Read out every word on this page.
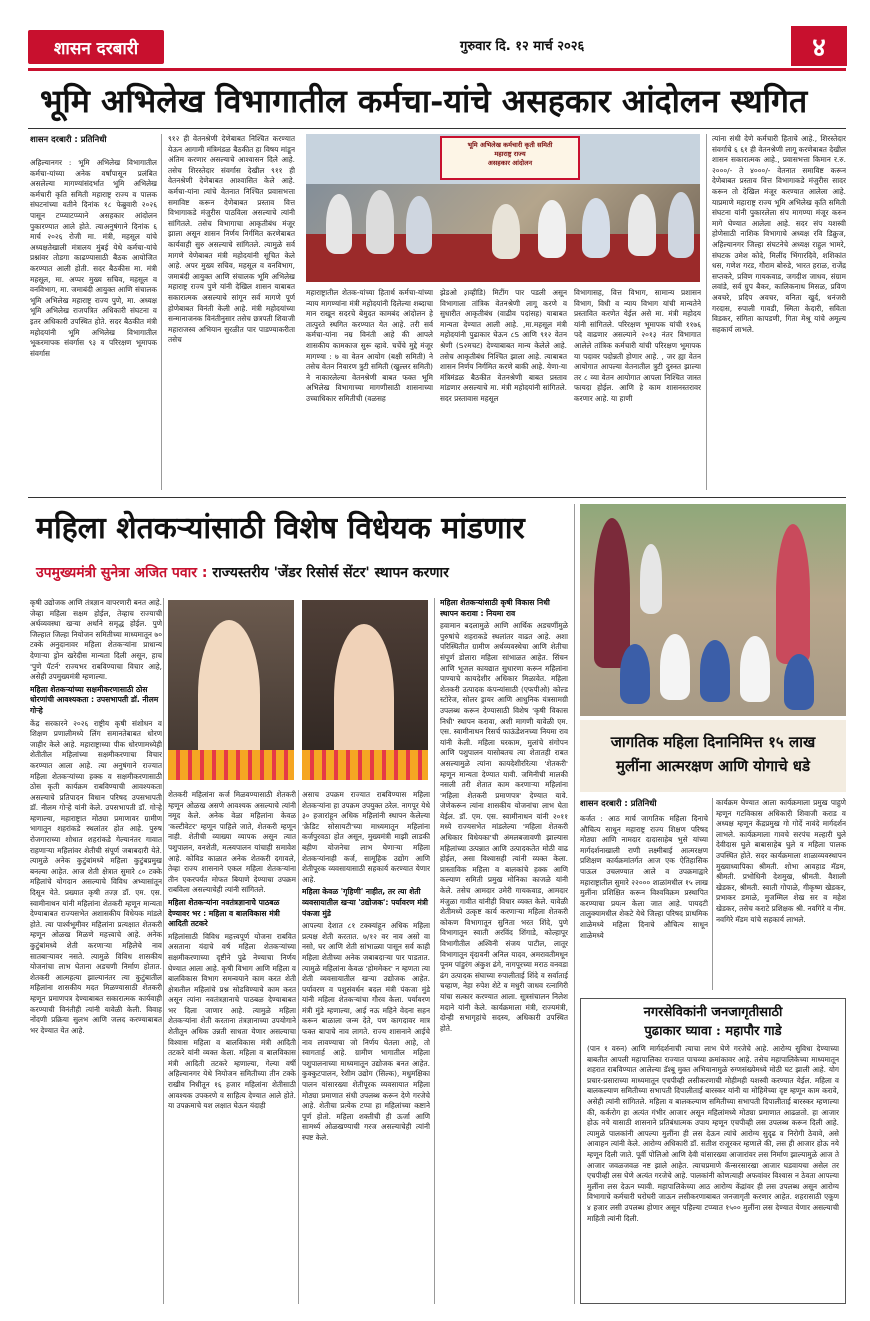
शासन दरबारी	गुरुवार दि. १२ मार्च २०२६	४
भूमि अभिलेख विभागातील कर्मचा-यांचे असहकार आंदोलन स्थगित
शासन दरबारी : प्रतिनिधी
अहिल्यानगर : भूमि अभिलेख विभागातील कर्मचा-यांच्या अनेक वर्षांपासून प्रलंबित असलेल्या मागण्यांसंदर्भात भूमि अभिलेख कर्मचारी कृति समिती महाराष्ट्र राज्य व पालक संघटनांच्या वतीने दिनांक १८ फेब्रुवारी २०२६ पासून टप्प्याटप्प्याने असहकार आंदोलन पुकारण्यात आले होते. त्याअनुषंगाने दिनांक ६ मार्च २०२६ रोजी मा. मंत्री, महसूल यांचे अध्यक्षतेखाली मंत्रालय मुंबई येथे कर्मचा-यांचे प्रश्नांवर तोडगा काढण्यासाठी बैठक आयोजित करण्यात आली होती. सदर बैठकीस मा. मंत्री महसूल, मा. अप्पर मुख्य सचिव, महसूल व वनविभाग, मा. जमाबंदी आयुक्त आणि संचालक भूमि अभिलेख महाराष्ट्र राज्य पुणे, मा. अध्यक्ष भूमि अभिलेख राजपत्रित अधिकारी संघटना व इतर अधिकारी उपस्थित होते. सदर बैठकीत मंत्री महोदयांनी भूमि अभिलेख विभागातील भूकरमापक संवर्गास ९३ व परिरक्षण भूमापक संवर्गास
९१२ ही वेतनश्रेणी देणेबाबत निश्चित करण्यात येऊन आगामी मंत्रिमंडळ बैठकीत हा विषय मांडून अंतिम करणार असल्याचे आश्वासन दिले आहे. तसेच शिरस्तेदार संवर्गास देखील ९११ ही वेतनश्रेणी देणेबाबत आश्वासित केले आहे. कर्मचा-यांना त्यांचे वेतनात निश्चित प्रवासभत्ता समाविष्ट करून देणेबाबत प्रस्ताव वित्त विभागाकडे मंजुरीस पाठविला असल्याचे त्यांनी सांगितले. तसेच विभागाचा आकृतीबंध मंजूर झाला असून शासन निर्णय निर्गमित करणेबाबत कार्यवाही सुरु असल्याचे सांगितले. त्यामुळे सर्व मागणे येणेबाबत मंत्री महोदयांनी सूचित केले आहे. अपर मुख्य सचिव, महसूल व वनविभाग, जमाबंदी आयुक्त आणि संचालक भूमि अभिलेख महाराष्ट्र राज्य पुणे यांनी देखिल शासन याबाबत सकारात्मक असल्याचे सांगून सर्व मागणे पूर्ण होणेबाबत विनंती केली आहे. मंत्री महोदयांच्या सन्मानाजनक विनंतीनुसार तसेच छत्रपती शिवाजी महाराजस्व अभियान सुरळीत पार पाडण्याकरीता तसेच
भूमि अभिलेख कर्मचारी कृती समिती
महाराष्ट्र राज्य
असहकार आंदोलन
महाराष्ट्रातील शेतक-यांच्या हितार्थ कर्मचा-यांच्या न्याय मागण्यांना मंत्री महोदयांनी दिलेल्या शब्दाचा मान राखून सदरचे बेमुदत कामबंद आंदोलन हे तात्पुरते स्थगित करण्यात येत आहे. तरी सर्व कर्मचा-यांना नम्र विनंती आहे की आपले शासकीय कामकाज सुरू व्हावे. चर्चेचे मुद्दे मंजूर मागण्या : ७ वा वेतन आयोग (बक्षी समिती) ने तसेच वेतन निवारण त्रुटी समिती (खुल्लर समिती) ने नाकारलेल्या वेतनश्रेणी बाबत फक्त भूमि अभिलेख विभागाच्या मागणीसाठी शासनाच्या उच्चाधिकार समितीची (वळसह
झेडओ ३ाव्हीडि) मिटींग पार पडली असून विभागाला तांत्रिक वेतनश्रेणी लागू करणे व सुधारीत आकृतीबंध (वाढीव पदांसह) याबाबत मान्यता देण्यात आली आहे. ,मा.महसूल मंत्री महोदयांनी पुढाकार घेऊन ८S आणि ९१२ वेतन श्रेणी (S२मचट) देण्याबाबत मान्य केलेले आहे. तसेच आकृतीबंध निश्चित झाला आहे. त्याबाबत शासन निर्णय निर्गमित करणे बाकी आहे. येणा-या मंत्रिमंडळ बैठकीत वेतनश्रेणी बाबत प्रस्ताव मांडणार असल्याचे मा. मंत्री महोदयांनी सांगितले. सदर प्रस्तावास महसूल
विभागासह, वित्त विभाग, सामान्य प्रशासन विभाग, विधी व न्याय विभाग यांची मान्यतेने प्रस्तावित करणेत येईल असे मा. मंत्री महोदय यांनी सांगितले. परिरक्षण भूमापक यांची ११७६ पदे वाढणार असल्याने २०१३ नंतर विभागात आलेले तांत्रिक कर्मचारी यांची परिरक्षण भूमापक या पदावर पदोन्नती होणार आहे. , जर ह्या वेतन आयोगात आपल्या वेतनातील त्रुटी दुरुस्त झाल्या तर ८ व्या वेतन आयोगात आपला निश्चित जास्त फायदा होईल. आणि हे काम शासनस्तरावर करणार आहे. या हाणी
त्यांना संधी देणे कर्मचारी हिताचे आहे., शिरस्तेदार संवर्गाचे ६ ६१ ही वेतनश्रेणी लागू करणेबाबत देखील शासन सकारात्मक आहे., प्रवासभत्ता किमान र.रु. २०००/- ते ४०००/- वेतनात समाविष्ट करून देणेबाबत प्रस्ताव वित्त विभागाकडे मंजुरीस सादर करून तो देखिल मंजूर करण्यात आलेला आहे. याप्रमाणे महाराष्ट्र राज्य भूमि अभिलेख कृति समिती संघटना यांनी पुकारलेला संप मागण्या मंजूर करुन मागे घेण्यात आलेला आहे. सदर संप यशस्वी होणेसाठी नाशिक विभागाचे अध्यक्ष रवि डिक्रुज, अहिल्यानगर जिल्हा संघटनेचे अध्यक्ष राहुल भामरे, संघटक उमेश कोदे, मिलींद भिंगारदिवे, शशिकांत धस, गणेश गरड, गौराम बोरुडे, भारत हराळ, राजेंद्र सप्तकरे, प्रविण गायकवाड, जगदीश जाधव, संग्राम लवांडे, सर्व ग्रुप बैकर, कालिकनाथ मिसळ, प्रविण अवचरे, प्रदिप अवचर, वनिता खुर्द, धनंजरी गरदास, रुपाली गावडी, स्मिता केदारी, सविता विडकर, संगिता कापडणी, गिता मेश्रू यांचे अमूल्य सहकार्य लाभले.
महिला शेतकऱ्यांसाठी विशेष विधेयक मांडणार
उपमुख्यमंत्री सुनेत्रा अजित पवार : राज्यस्तरीय 'जेंडर रिसोर्स सेंटर' स्थापन करणार
कृषी उद्योजक आणि तंत्रज्ञान वापरणारी बनत आहे. जेव्हा महिला सक्षम होईल, तेव्हाच राज्याची अर्थव्यवस्था खऱ्या अर्थाने समृद्ध होईल. पुणे जिल्हात जिल्हा नियोजन समितीच्या माध्यमातून ७० टक्के अनुदानावर महिला शेतकऱ्यांना प्राधान्य देणाऱ्या ड्रोन खरेदीस मान्यता दिली असून, हाच 'पुणे पॅटर्न' राज्यभर राबविण्याचा विचार आहे, असेही उपमुख्यमंत्री म्हणाल्या.
महिला शेतकऱ्यांच्या सक्षमीकरणासाठी ठोस धोरणांची आवश्यकता : उपसभापती डॉ. नीलम गोऱ्हे
केंद्र सरकारने २०२६ राष्ट्रीय कृषी संशोधन व शिक्षण प्रणालीमध्ये लिंग समानतेबाबत धोरण जाहीर केले आहे. महाराष्ट्राच्या पीक धोरणामध्येही शेतीतील महिलांच्या सक्षमीकरणाचा विचार करण्यात आला आहे. त्या अनुषंगाने राज्यात महिला शेतकऱ्यांच्या हक्क व सक्षमीकरणासाठी ठोस कृती कार्यक्रम राबविण्याची आवश्यकता असल्याचे प्रतिपादन विधान परिषद उपसभापती डॉ. नीलम गोऱ्हे यांनी केले. उपसभापती डॉ. गोऱ्हे म्हणाल्या, महाराष्ट्रात मोठ्या प्रमाणावर ग्रामीण भागातून शहरांकडे स्थलांतर होत आहे. पुरुष रोजगाराच्या शोधात शहरांकडे गेल्यानंतर गावात राहणाऱ्या महिलांवर शेतीची संपूर्ण जबाबदारी येते. त्यामुळे अनेक कुटुंबांमध्ये महिला कुटुंबप्रमुख बनल्या आहेत. आज शेती क्षेत्रात सुमारे ८० टक्के महिलांचे योगदान असल्याचे विविध अभ्यासांतून दिसून येते. प्रख्यात कृषी तज्ज्ञ डॉ. एम. एस. स्वामीनाथन यांनी महिलांना शेतकरी म्हणून मान्यता देण्याबाबत राज्यसभेत अशासकीय विधेयक मांडले होते. त्या पार्श्वभूमीवर महिलांना प्रत्यक्षात शेतकरी म्हणून ओळख मिळणे महत्त्वाचे आहे. अनेक कुटुंबांमध्ये शेती करणाऱ्या महिलेचे नाव सातबाऱ्यावर नसते. त्यामुळे विविध शासकीय योजनांचा लाभ घेताना अडचणी निर्माण होतात. शेतकरी आत्महत्या झाल्यानंतर त्या कुटुंबातील महिलांना शासकीय मदत मिळण्यासाठी शेतकरी म्हणून प्रमाणपत्र देण्याबाबत सकारात्मक कार्यवाही करण्याची विनंतीही त्यांनी यावेळी केली. विवाह नोंदणी प्रक्रिया सुलभ आणि जलद करण्याबाबत भर देण्यात येत आहे.
शेतकरी महिलांना कर्ज मिळवण्यासाठी शेतकरी म्हणून ओळख असणे आवश्यक असल्याचे त्यांनी नमूद केले. अनेक वेळा महिलांना केवळ 'कल्टीवेटर' म्हणून पाहिले जाते, शेतकरी म्हणून नाही. शेतीची व्याख्या व्यापक असून त्यात पशुपालन, वनशेती, मत्स्यपालन यांचाही समावेश आहे. कोविड काळात अनेक शेतकरी दगावले, तेव्हा राज्य शासनाने एकल महिला शेतकऱ्यांना तीन एकरपर्यंत मोफत बियाणे देण्याचा उपक्रम राबविला असल्याचेही त्यांनी सांगितले.
महिला शेतकऱ्यांना नवतंत्रज्ञानाचे पाठबळ देण्यावर भर : महिला व बालविकास मंत्री आदिती तटकरे
महिलांसाठी विविध महत्त्वपूर्ण योजना राबवित असताना यंदाचे वर्ष महिला शेतकऱ्यांच्या सक्षमीकरणाच्या दृष्टीने पुढे नेण्याचा निर्णय घेण्यात आला आहे. कृषी विभाग आणि महिला व बालविकास विभाग समन्वयाने काम करत शेती क्षेत्रातील महिलांचे प्रश्न सोडविण्याचे काम करत असून त्यांना नवतंत्रज्ञानाचे पाठबळ देण्याबाबत भर दिला जाणार आहे. त्यामुळे महिला शेतकऱ्यांना शेती करताना तंत्रज्ञानाच्या उपयोगाने शेतीतून अधिक उन्नती साधता येणार असल्याचा विश्वास महिला व बालविकास मंत्री आदिती तटकरे यांनी व्यक्त केला. महिला व बालविकास मंत्री आदिती तटकरे म्हणाल्या, गेल्या वर्षी अहिल्यानगर येथे नियोजन समितीच्या तीन टक्के राखीव निधीतून १६ हजार महिलांना शेतीसाठी आवश्यक उपकरणे व साहित्य देण्यात आले होते. या उपक्रमाचे यश लक्षात घेऊन यंदाही
असाच उपक्रम राज्यात राबविण्यास महिला शेतकऱ्यांना हा उपक्रम उपयुक्त ठरेल. नागपूर येथे ३० हजारांहून अधिक महिलांनी स्थापन केलेल्या 'क्रेडिट सोसायटी'च्या माध्यमातून महिलांना कर्जपुरवठा होत असून, मुख्यमंत्री माझी लाडकी बहीण योजनेचा लाभ घेणाऱ्या महिला शेतकऱ्यांनाही कर्ज, सामूहिक उद्योग आणि शेतीपूरक व्यवसायासाठी सहकार्य करण्यात येणार आहे.
महिला केवळ 'गृहिणी' नाहीत, तर त्या शेती व्यवसायातील खऱ्या 'उद्योजक': पर्यावरण मंत्री पंकजा मुंडे
आपल्या देशात ८१ टक्क्यांहून अधिक महिला प्रत्यक्ष शेती करतात. ७/१२ वर नाव असो वा नसो, घर आणि शेती सांभाळ्या पासून सर्व काही महिला शेतीच्या अनेक जबाबदाऱ्या पार पाडतात. त्यामुळे महिलांना केवळ 'होममेकर' न म्हणता त्या शेती व्यवसायातील खऱ्या उद्योजक आहेत. पर्यावरण व पशुसंवर्धन बदल मंत्री पंकजा मुंडे यांनी महिला शेतकऱ्यांचा गौरव केला. पर्यावरण मंत्री मुंडे म्हणाल्या, आई नऊ महिने वेदना सहन करून बाळाला जन्म देते, पण कागदावर मात्र फक्त बापाचे नाव लागते. राज्य शासनाने आईचे नाव लावण्याचा जो निर्णय घेतला आहे, तो स्वागतार्ह आहे. ग्रामीण भागातील महिला पशुपालनाच्या माध्यमातून उद्योजक बनत आहेत. कुक्कुटपालन, रेशीम उद्योग (सिल्क), मधुमक्षिका पालन यांसारख्या शेतीपूरक व्यवसायात महिला मोठ्या प्रमाणात संधी उपलब्ध करून देणे गरजेचे आहे. शेतीचा प्रत्येक टप्पा हा महिलांच्या कष्टाने पूर्ण होतो. महिला शक्तीची ही ऊर्जा आणि सामर्थ्य ओळखण्याची गरज असल्याचेही त्यांनी स्पष्ट केले.
महिला शेतकऱ्यांसाठी कृषी विकास निधी स्थापन करावा : नियमा राव
हवामान बदलामुळे आणि आर्थिक अडचणींमुळे पुरुषांचे शहराकडे स्थलांतर वाढत आहे. अशा परिस्थितीत ग्रामीण अर्थव्यवस्थेचा आणि शेतीचा संपूर्ण डोलारा महिला सांभाळत आहेत. सिंचन आणि भूजल कायद्यात सुधारणा करून महिलांना पाण्याचे कायदेशीर अधिकार मिळावेत. महिला शेतकरी उत्पादक कंपन्यांसाठी (एफपीओ) कोल्ड स्टोरेज, सोलर ड्रायर आणि आधुनिक यंत्रसामग्री उपलब्ध करून देण्यासाठी विशेष 'कृषी विकास निधी' स्थापन करावा, अशी मागणी यावेळी एम. एस. स्वामीनाथन रिसर्च फाऊंडेशनच्या नियमा राव यांनी केली. महिला घरकाम, मुलांचे संगोपन आणि पशुपालन यासोबतच त्या शेतातही राबत असल्यामुळे त्यांना कायदेशीररित्या 'शेतकरी' म्हणून मान्यता देण्यात यावी. जमिनीची मालकी नसली तरी शेतात काम करणाऱ्या महिलांना 'महिला शेतकरी प्रमाणपत्र' देण्यात यावे. जेणेकरून त्यांना शासकीय योजनांचा लाभ घेता येईल. डॉ. एम. एस. स्वामीनाथन यांनी २०११ मध्ये राज्यसभेत मांडलेल्या 'महिला शेतकरी अधिकार विधेयका'ची अंमलबजावणी झाल्यास महिलांच्या उत्पन्नात आणि उत्पादकतेत मोठी वाढ होईल, असा विश्वासही त्यांनी व्यक्त केला. प्रास्ताविक महिला व बालकांचे हक्क आणि कल्याण समिती प्रमुख मोनिका काजळे यांनी केले. तसेच आमदार उमेरी गायकवाड, आमदार मंजुळा गावीत यांनीही विचार व्यक्त केले. यावेळी शेतीमध्ये उत्कृष्ट कार्य करणाऱ्या महिला शेतकरी कोकण विभागातून सुनिता भरत शिंदे, पुणे विभागातून स्वाती अरविंद शिंगाडे, कोल्हापूर विभागीतील अश्विनी संजय पाटील, लातूर विभागातून वृंदावनी अनिल यादव, अमरावतीमधून पूनम पांडुरंग अंकुश ढंगे, नागपूरच्या मराठ वनवडा ढंग उत्पादक संघाच्या रुपालीताई शिंदे व सर्वाताई चव्हाण, नेहा रुपेश शेटे व मधुरी जाधव रत्नागिरी यांचा सत्कार करण्यात आला. सूत्रसंचालन निलेश मदाने यांनी केले. कार्यक्रमाला मंत्री, राज्यमंत्री, दोन्ही सभागृहांचे सदस्य, अधिकारी उपस्थित होते.
जागतिक महिला दिनानिमित्त १५ लाख
मुलींना आत्मरक्षण आणि योगाचे धडे
शासन दरबारी : प्रतिनिधी
कर्जत : आठ मार्च जागतिक महिला दिनाचे औचित्य साधून महाराष्ट्र राज्य शिक्षण परिषद मोठ्या आणि नामदार दादासाहेब भुसे यांच्या मार्गदर्शनाखाली राणी लक्ष्मीबाई आत्मरक्षण प्रशिक्षण कार्यक्रमांतर्गत आज एक ऐतिहासिक पाऊल उचलण्यात आले व उपक्रमाद्वारे महाराष्ट्रातील सुमारे २२००० शाळांमधील १५ लाख मुलींना प्रशिक्षित करून विश्वविक्रम प्रस्थापित करण्याचा प्रयत्न केला जात आहे. पायदटी तालुक्यामधील शेकटे येथे जिल्हा परिषद प्राथमिक शाळेमध्ये महिला दिनाचे औचित्य साधून शाळेमध्ये
कार्यक्रम घेण्यात आला कार्यक्रमाला प्रमुख पाहुणे म्हणून गटविकास अधिकारी शिवाजी कराड व अध्यक्ष म्हणून केंद्रप्रमुख गो गोर्दे नावंदे मार्गदर्शन लाभले. कार्यक्रमाला गावचे सरपंच मल्हारी घुले देवीदास घुले बाबासाहेब घुले व महिला पालक उपस्थित होते. सदर कार्यक्रमाला शाळाव्यवस्थापन मुख्याध्यापिका श्रीमती. शोभा आवहाड मॅडम, श्रीमती. प्रभोधिनी देशमुख, श्रीमती. वैशाली खेडकर, श्रीमती. स्वाती गोपाळे, गीकृष्ण खेडकर, प्रभाकर डमाळे, मुजम्मिल शेख सर व महेश खेडकर, तसेच कराटे प्रशिक्षक श्री. नवगिरे व नीम. नवगिरे मॅडम यांचे सहकार्य लाभले.
नगरसेविकांनी जनजागृतीसाठी
पुढाकार घ्यावा : महापौर गाडे
(पान १ वरुन) आणि मार्गदर्शनाची त्याचा लाभ घेणे गरजेचे आहे. आरोग्य सुविधा देण्याच्या बाबतीत आपली महापालिका राज्यात पाचव्या क्रमांकावर आहे. तसेच महापालिकेच्या माध्यमातून शहरात राबविण्यात आलेल्या डॅश्बू मुक्त अभियानामुळे रुग्णसंख्येमध्ये मोठी घट झाली आहे. योग प्रचार-प्रसाराच्या माध्यमातून एचपीव्ही लसीकरणाची मोहीमही यशस्वी करण्यात येईल. महिला व बालकल्याण समितीच्या सभापती दिपालीताई बारस्कर यांनी या मोहिमेच्या दृष्ट म्हणून काम करावे, असेही त्यांनी सांगितले. महिला व बालकल्याण समितीच्या सभापती दिपालीताई बारस्कर म्हणाल्या की, कर्करोग हा अत्यंत गंभीर आजार असून महिलांमध्ये मोठ्या प्रमाणात आढळतो. हा आजार होऊ नये यासाठी शासनाने प्रतिबंधात्मक उपाय म्हणून एचपीव्ही लस उपलब्ध करून दिली आहे. त्यामुळे पालकांनी आपल्या मुलींना ही लस देऊन त्यांचे आरोग्य सुदृढ व निरोगी ठेवावे, असे आवाहन त्यांनी केले. आरोग्य अधिकारी डॉ. सतीश राजूरकर म्हणाले की, लस ही आजार होऊ नये म्हणून दिली जाते. पूर्वी पोलिओ आणि देवी यांसारख्या आजारांवर लस निर्माण झाल्यामुळे आज ते आजार जवळजवळ नष्ट झाले आहेत. त्याचप्रमाणे कॅन्सरसारखा आजार घडवायचा असेल तर एचपीव्ही लस घेणे अत्यंत गरजेचे आहे. पालकांनी कोणत्याही अफवांवर विश्वास न ठेवता आपल्या मुलींना लस देऊन घ्यावी. महापालिकेच्या आठ आरोग्य केंद्रांवर ही लस उपलब्ध असून आरोग्य विभागाचे कर्मचारी घरोघरी जाऊन लसीकरणाबाबत जनजागृती करणार आहेत. शहरासाठी एकूण ४ हजार लसी उपलब्ध होणार असून पहिल्या टप्प्यात १५०० मुलींना लस देण्यात येणार असल्याची माहिती त्यांनी दिली.
